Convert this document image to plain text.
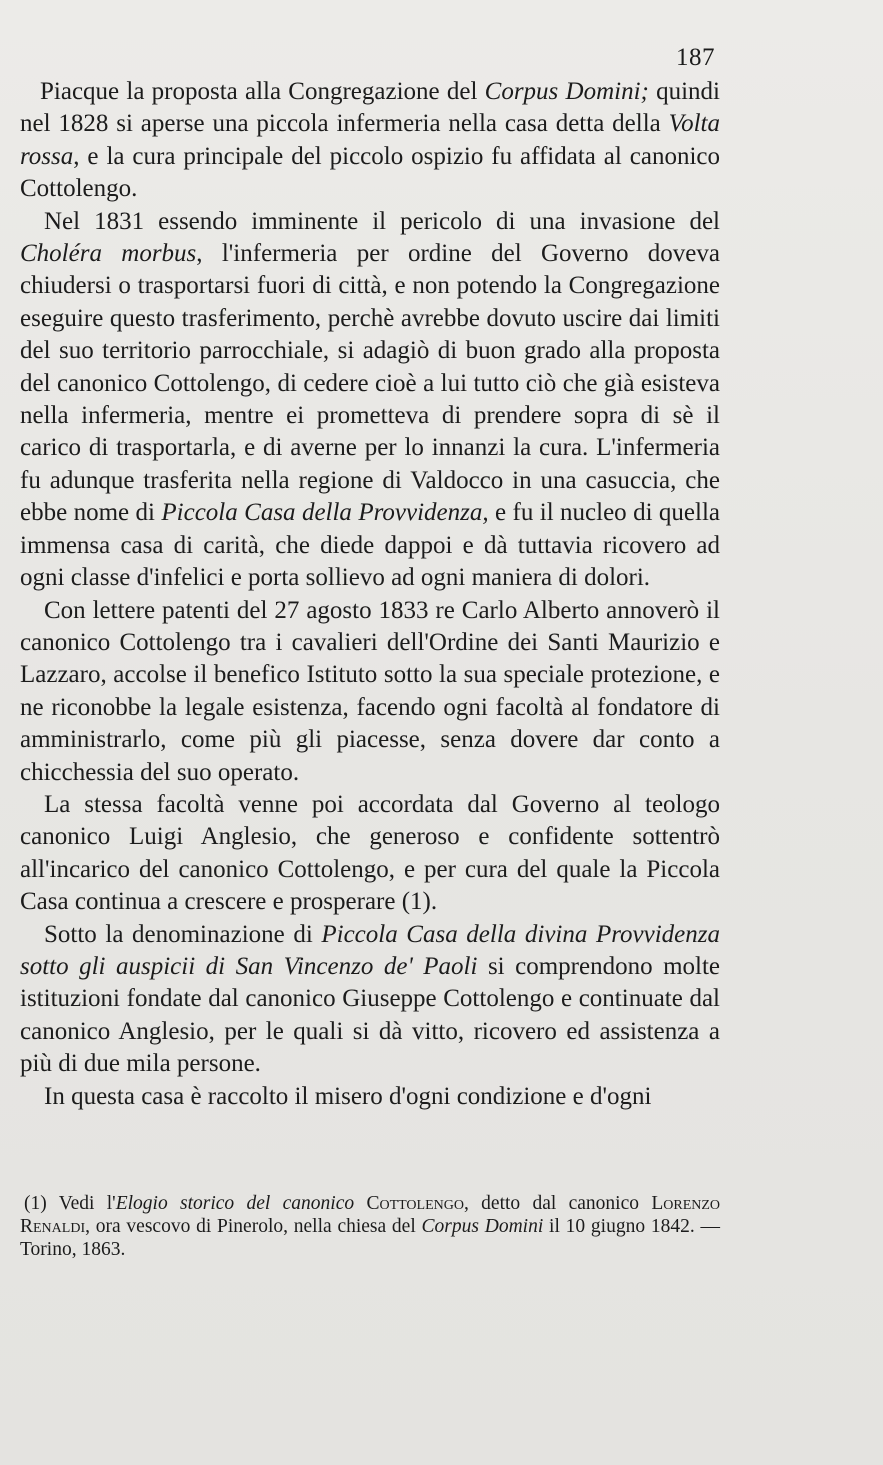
187

Piacque la proposta alla Congregazione del Corpus Domini; quindi nel 1828 si aperse una piccola infermeria nella casa detta della Volta rossa, e la cura principale del piccolo ospizio fu affidata al canonico Cottolengo.

Nel 1831 essendo imminente il pericolo di una invasione del Choléra morbus, l'infermeria per ordine del Governo doveva chiudersi o trasportarsi fuori di città, e non potendo la Congregazione eseguire questo trasferimento, perchè avrebbe dovuto uscire dai limiti del suo territorio parrocchiale, si adagiò di buon grado alla proposta del canonico Cottolengo, di cedere cioè a lui tutto ciò che già esisteva nella infermeria, mentre ei prometteva di prendere sopra di sè il carico di trasportarla, e di averne per lo innanzi la cura. L'infermeria fu adunque trasferita nella regione di Valdocco in una casuccia, che ebbe nome di Piccola Casa della Provvidenza, e fu il nucleo di quella immensa casa di carità, che diede dappoi e dà tuttavia ricovero ad ogni classe d'infelici e porta sollievo ad ogni maniera di dolori.

Con lettere patenti del 27 agosto 1833 re Carlo Alberto annoverò il canonico Cottolengo tra i cavalieri dell'Ordine dei Santi Maurizio e Lazzaro, accolse il benefico Istituto sotto la sua speciale protezione, e ne riconobbe la legale esistenza, facendo ogni facoltà al fondatore di amministrarlo, come più gli piacesse, senza dovere dar conto a chicchessia del suo operato.

La stessa facoltà venne poi accordata dal Governo al teologo canonico Luigi Anglesio, che generoso e confidente sottentrò all'incarico del canonico Cottolengo, e per cura del quale la Piccola Casa continua a crescere e prosperare (1).

Sotto la denominazione di Piccola Casa della divina Provvidenza sotto gli auspicii di San Vincenzo de' Paoli si comprendono molte istituzioni fondate dal canonico Giuseppe Cottolengo e continuate dal canonico Anglesio, per le quali si dà vitto, ricovero ed assistenza a più di due mila persone.

In questa casa è raccolto il misero d'ogni condizione e d'ogni

(1) Vedi l'Elogio storico del canonico Cottolengo, detto dal canonico Lorenzo Renaldi, ora vescovo di Pinerolo, nella chiesa del Corpus Domini il 10 giugno 1842. — Torino, 1863.
